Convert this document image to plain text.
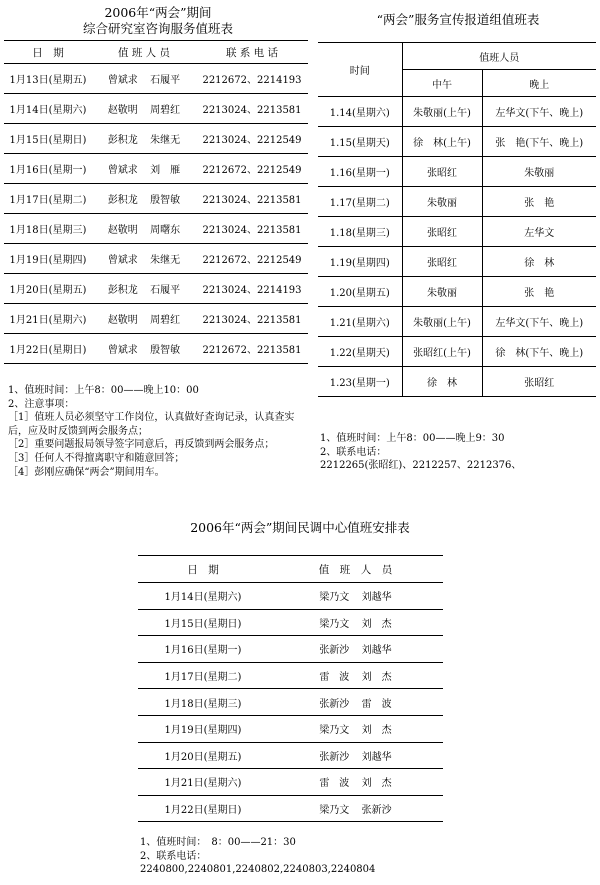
2006年“两会”期间
综合研究室咨询服务值班表
日　期	值 班 人 员	联 系 电 话
1月13日(星期五)	曾斌求 石履平	2212672、2214193
1月14日(星期六)	赵敬明 周碧红	2213024、2213581
1月15日(星期日)	彭积龙 朱继无	2213024、2212549
1月16日(星期一)	曾斌求 刘　雁	2212672、2212549
1月17日(星期二)	彭积龙 殷智敏	2213024、2213581
1月18日(星期三)	赵敬明 周曙东	2213024、2213581
1月19日(星期四)	曾斌求 朱继无	2212672、2212549
1月20日(星期五)	彭积龙 石履平	2213024、2214193
1月21日(星期六)	赵敬明 周碧红	2213024、2213581
1月22日(星期日)	曾斌求 殷智敏	2212672、2213581
1、值班时间：上午8：00——晚上10：00
2、注意事项：
［1］值班人员必须坚守工作岗位，认真做好查询记录，认真查实后，应及时反馈到两会服务点；
［2］重要问题报局领导签字同意后，再反馈到两会服务点；
［3］任何人不得擅离职守和随意回答；
［4］彭刚应确保“两会”期间用车。
“两会”服务宣传报道组值班表
时间	值班人员	
	中午	晚上
1.14(星期六)	朱敬丽(上午)	左华文(下午、晚上)
1.15(星期天)	徐　林(上午)	张　艳(下午、晚上)
1.16(星期一)	张昭红	朱敬丽
1.17(星期二)	朱敬丽	张　艳
1.18(星期三)	张昭红	左华文
1.19(星期四)	张昭红	徐　林
1.20(星期五)	朱敬丽	张　艳
1.21(星期六)	朱敬丽(上午)	左华文(下午、晚上)
1.22(星期天)	张昭红(上午)	徐　林(下午、晚上)
1.23(星期一)	徐　林	张昭红
1、值班时间：上午8：00——晚上9：30
2、联系电话：
2212265(张昭红)、2212257、2212376、
2006年“两会”期间民调中心值班安排表
日　期	值　班　人　员
1月14日(星期六)	梁乃文 刘越华
1月15日(星期日)	梁乃文 刘　杰
1月16日(星期一)	张新沙 刘越华
1月17日(星期二)	雷　波 刘　杰
1月18日(星期三)	张新沙 雷　波
1月19日(星期四)	梁乃文 刘　杰
1月20日(星期五)	张新沙 刘越华
1月21日(星期六)	雷　波 刘　杰
1月22日(星期日)	梁乃文 张新沙
1、值班时间：　8：00——21：30
2、联系电话：
2240800,2240801,2240802,2240803,2240804
